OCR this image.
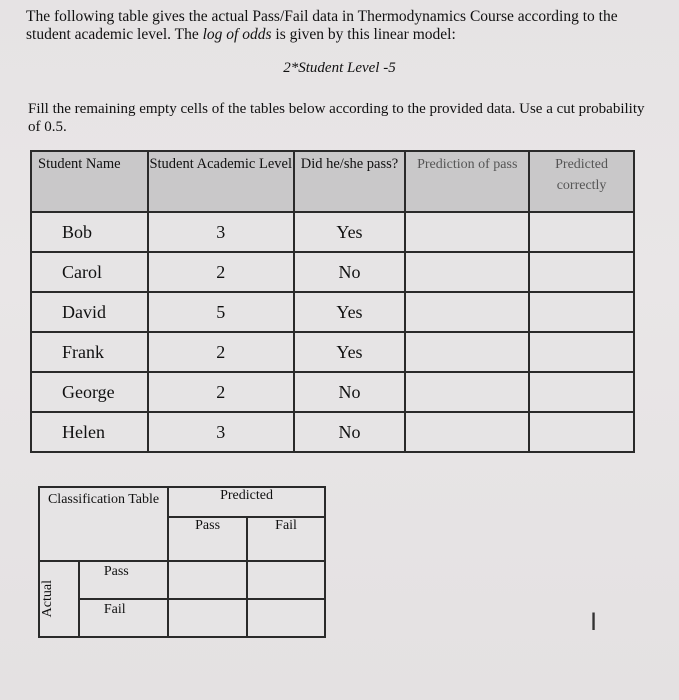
The following table gives the actual Pass/Fail data in Thermodynamics Course according to the student academic level. The log of odds is given by this linear model:
2*Student Level -5
Fill the remaining empty cells of the tables below according to the provided data. Use a cut probability of 0.5.
Student Name	Student Academic Level	Did he/she pass?	Prediction of pass	Predicted correctly
Bob	3	Yes		
Carol	2	No		
David	5	Yes		
Frank	2	Yes		
George	2	No		
Helen	3	No		
Classification Table		Predicted	
		Pass	Fail

Actual	Pass		
	Fail			I
